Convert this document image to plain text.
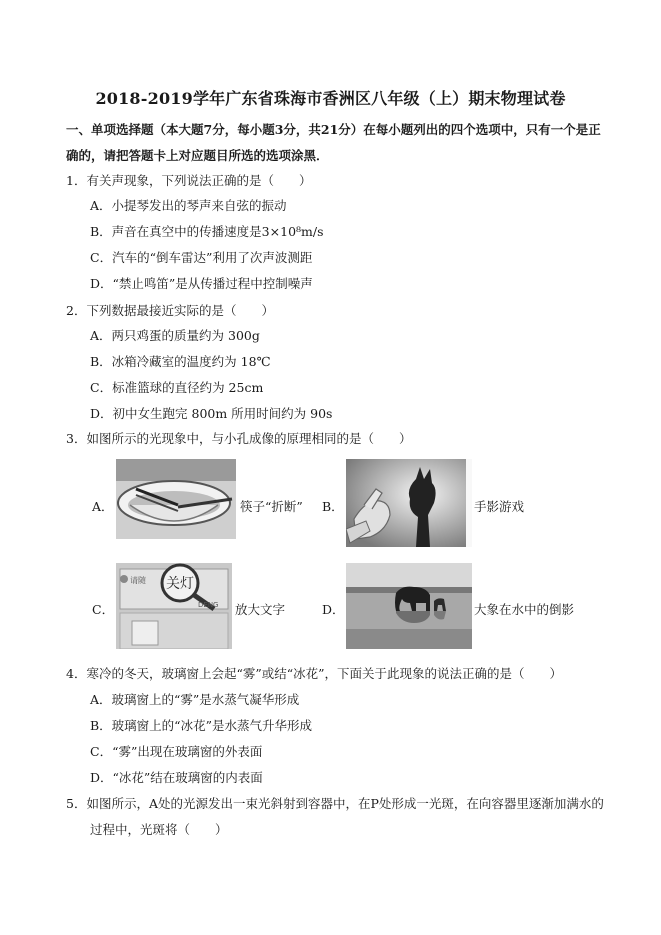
2018-2019学年广东省珠海市香洲区八年级（上）期末物理试卷
一、单项选择题（本大题7分，每小题3分，共21分）在每小题列出的四个选项中，只有一个是正
确的，请把答题卡上对应题目所选的选项涂黑．
1．有关声现象，下列说法正确的是（　　）
A．小提琴发出的琴声来自弦的振动
B．声音在真空中的传播速度是3×10⁸m/s
C．汽车的“倒车雷达”利用了次声波测距
D．“禁止鸣笛”是从传播过程中控制噪声
2．下列数据最接近实际的是（　　）
A．两只鸡蛋的质量约为 300g
B．冰箱冷藏室的温度约为 18℃
C．标准篮球的直径约为 25cm
D．初中女生跑完 800m 所用时间约为 90s
3．如图所示的光现象中，与小孔成像的原理相同的是（　　）
A．	筷子“折断” B．	手影游戏
C．
请随 关灯
DENG 放大文字	D．	大象在水中的倒影
4．寒冷的冬天，玻璃窗上会起“雾”或结“冰花”，下面关于此现象的说法正确的是（　　）
A．玻璃窗上的“雾”是水蒸气凝华形成
B．玻璃窗上的“冰花”是水蒸气升华形成
C．“雾”出现在玻璃窗的外表面
D．“冰花”结在玻璃窗的内表面
5．如图所示，A处的光源发出一束光斜射到容器中，在P处形成一光斑，在向容器里逐渐加满水的
过程中，光斑将（　　）
